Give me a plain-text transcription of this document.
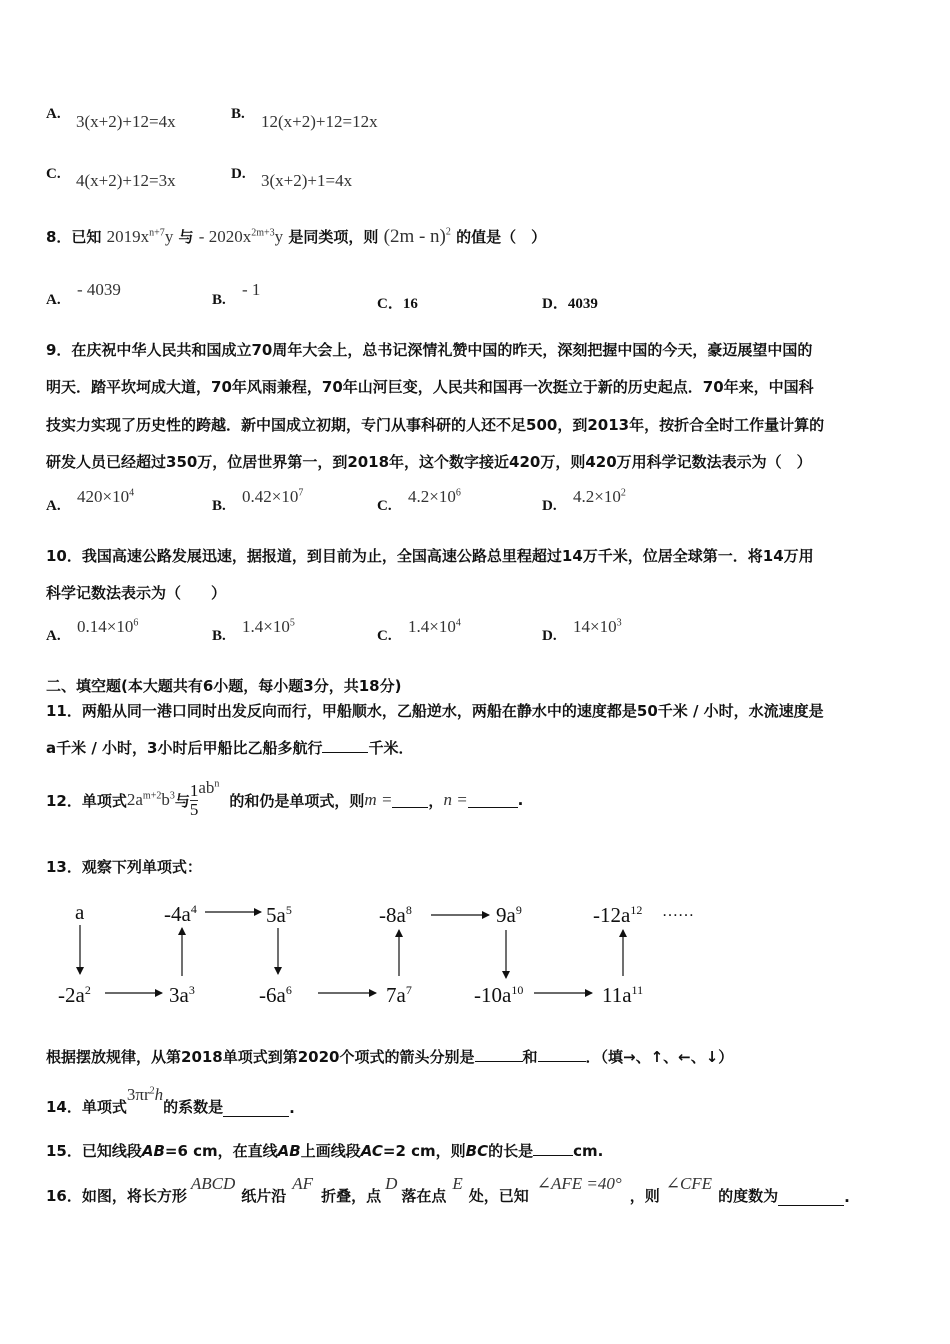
A. 3(x+2)+12=4x	B. 12(x+2)+12=12x
C. 4(x+2)+12=3x	D. 3(x+2)+1=4x
8．已知 $2019x^{n+7}y$ 与 - $2020x^{2m+3}y$ 是同类项，则 (2m - n)$^2$ 的值是（　）
A.
- 4039
B.
- 1
C．16	D．4039
9．在庆祝中华人民共和国成立70周年大会上，总书记深情礼赞中国的昨天，深刻把握中国的今天，豪迈展望中国的
明天．踏平坎坷成大道，70年风雨兼程，70年山河巨变，人民共和国再一次挺立于新的历史起点．70年来，中国科
技实力实现了历史性的跨越．新中国成立初期，专门从事科研的人还不足500，到2013年，按折合全时工作量计算的
研发人员已经超过350万，位居世界第一，到2018年，这个数字接近420万，则420万用科学记数法表示为（　）
A. $420\times 10^4$
B. $0.42\times 10^7$
C. $4.2\times 10^6$
D. $4.2\times 10^2$
10．我国高速公路发展迅速，据报道，到目前为止，全国高速公路总里程超过14万千米，位居全球第一．将14万用
科学记数法表示为（　　）
A. $0.14\times 10^6$
B. $1.4\times 10^5$
C. $1.4\times 10^4$
D. $14\times 10^3$
二、填空题(本大题共有6小题，每小题3分，共18分)
11．两船从同一港口同时出发反向而行，甲船顺水，乙船逆水，两船在静水中的速度都是50千米 / 小时，水流速度是
a千米 / 小时，3小时后甲船比乙船多航行	千米．
12．单项式 $2a^{m+2}b^3$ 与 $\frac{1}{5} ab^n$
的和仍是单项式，则 m = ， n =	.
13．观察下列单项式：
a
$-2a^2$	$3a^3$
$-4a^4$	$5a^5$
$-6a^6$	$7a^7$
$-8a^8$	$9a^9$
$-10a^{10}$	$11a^{11}$
$-12a^{12}$ ……
根据摆放规律，从第2018单项式到第2020个项式的箭头分别是	和	．（填→、↑、←、↓）
14．单项式
$3\pi r^2h$
的系数是	.
15．已知线段AB=6 cm，在直线AB上画线段AC=2 cm，则BC的长是	cm.
16．如图，将长方形
ABCD
纸片沿
AF
折叠，点
D
落在点
E
处，已知
∠AFE =40°
，则
∠CFE
的度数为	.
